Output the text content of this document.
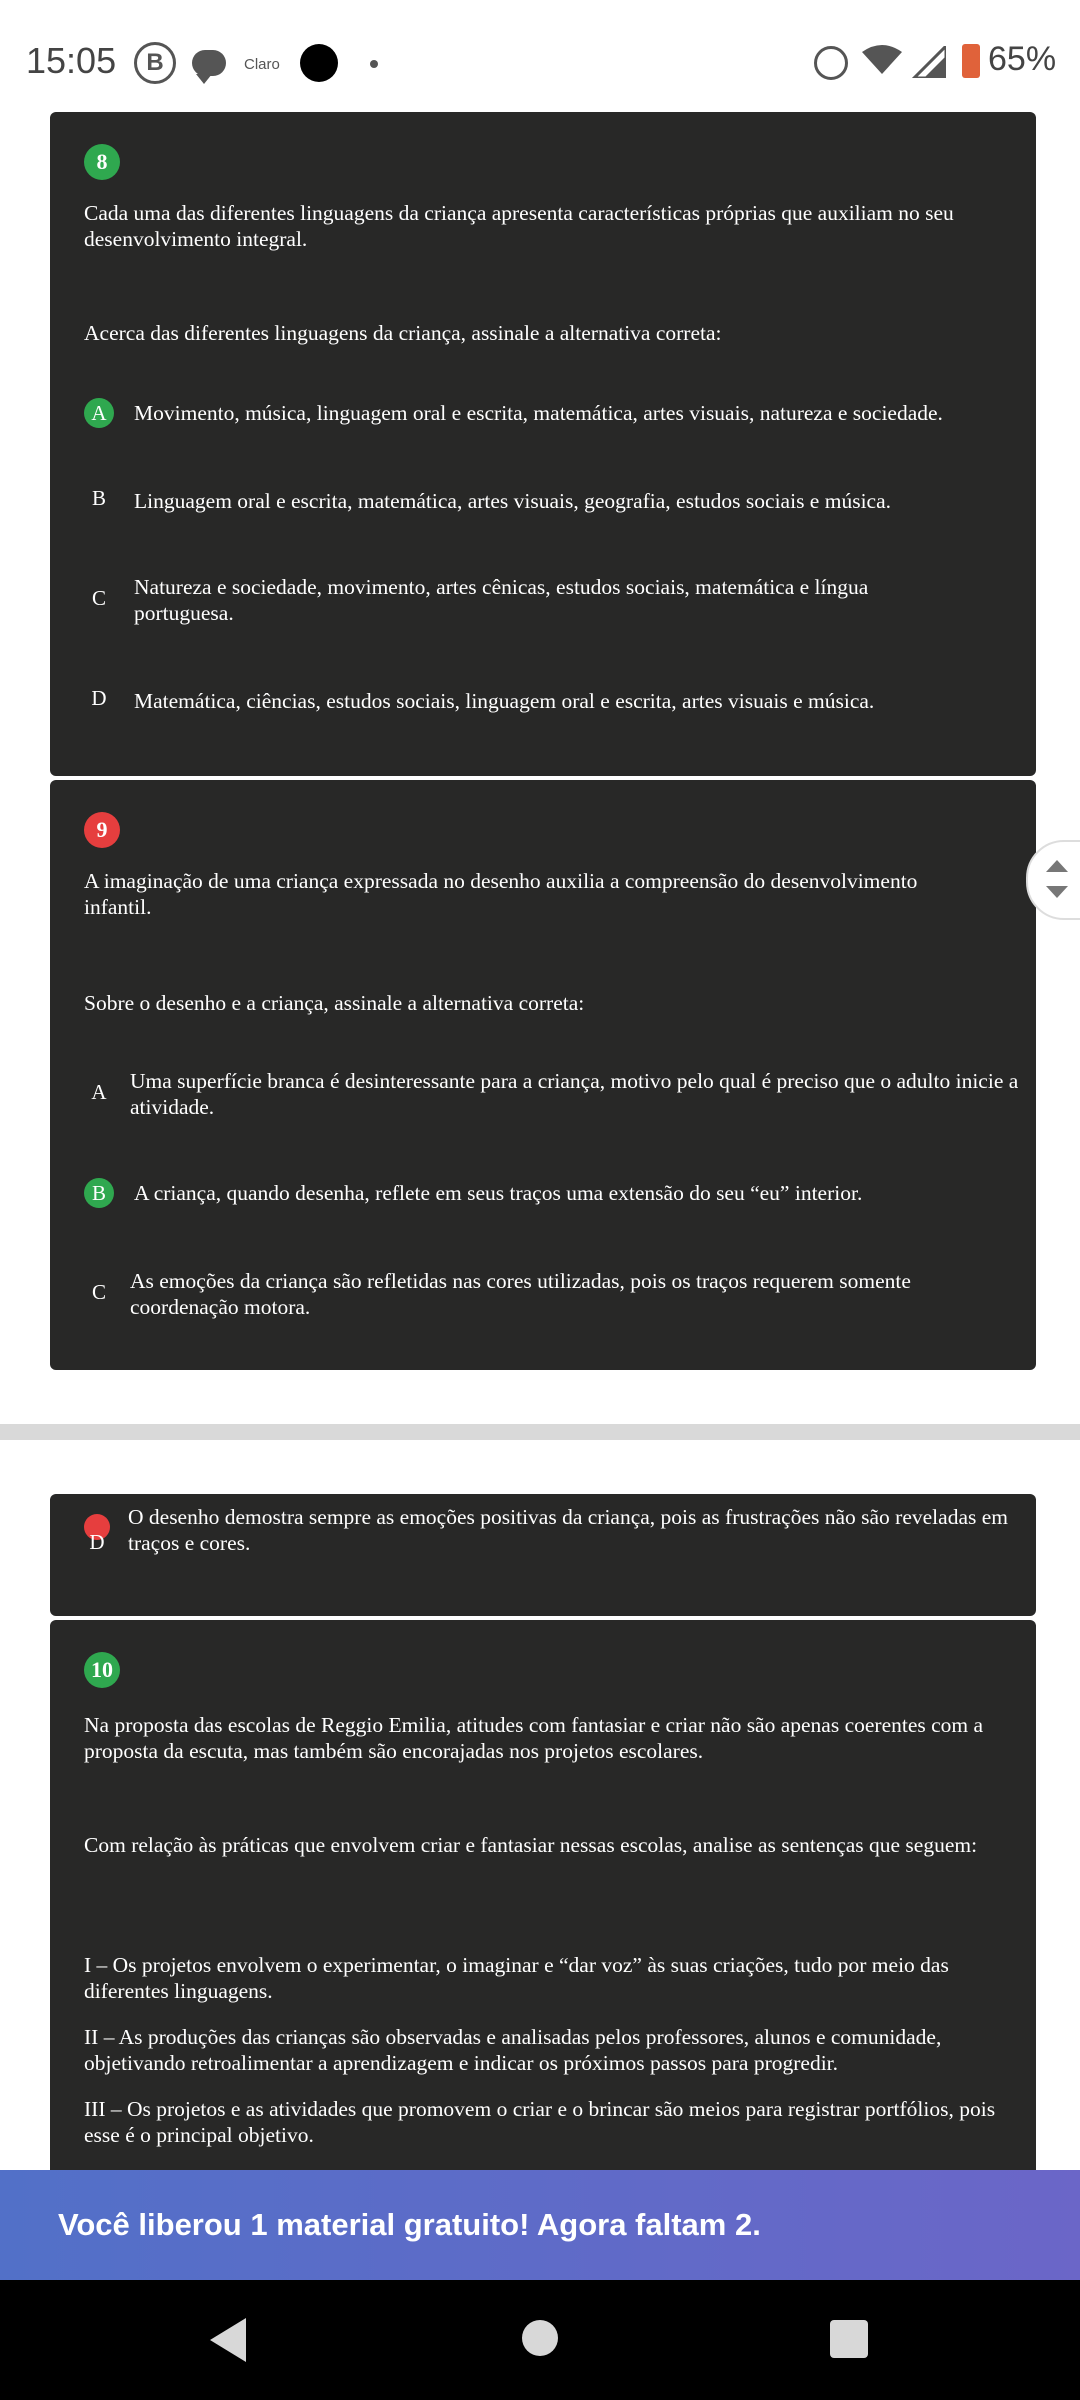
15:05	B	Claro	65%
8
Cada uma das diferentes linguagens da criança apresenta características próprias que auxiliam no seu desenvolvimento integral.
Acerca das diferentes linguagens da criança, assinale a alternativa correta:
A	Movimento, música, linguagem oral e escrita, matemática, artes visuais, natureza e sociedade.
B	Linguagem oral e escrita, matemática, artes visuais, geografia, estudos sociais e música.
C	Natureza e sociedade, movimento, artes cênicas, estudos sociais, matemática e língua portuguesa.
D	Matemática, ciências, estudos sociais, linguagem oral e escrita, artes visuais e música.
9
A imaginação de uma criança expressada no desenho auxilia a compreensão do desenvolvimento infantil.
Sobre o desenho e a criança, assinale a alternativa correta:
A	Uma superfície branca é desinteressante para a criança, motivo pelo qual é preciso que o adulto inicie a atividade.
B	A criança, quando desenha, reflete em seus traços uma extensão do seu “eu” interior.
C	As emoções da criança são refletidas nas cores utilizadas, pois os traços requerem somente coordenação motora.
D
O desenho demostra sempre as emoções positivas da criança, pois as frustrações não são reveladas em traços e cores.
10
Na proposta das escolas de Reggio Emilia, atitudes com fantasiar e criar não são apenas coerentes com a proposta da escuta, mas também são encorajadas nos projetos escolares.
Com relação às práticas que envolvem criar e fantasiar nessas escolas, analise as sentenças que seguem:
I – Os projetos envolvem o experimentar, o imaginar e “dar voz” às suas criações, tudo por meio das diferentes linguagens.
II – As produções das crianças são observadas e analisadas pelos professores, alunos e comunidade, objetivando retroalimentar a aprendizagem e indicar os próximos passos para progredir.
III – Os projetos e as atividades que promovem o criar e o brincar são meios para registrar portfólios, pois esse é o principal objetivo.
Você liberou 1 material gratuito! Agora faltam 2.
